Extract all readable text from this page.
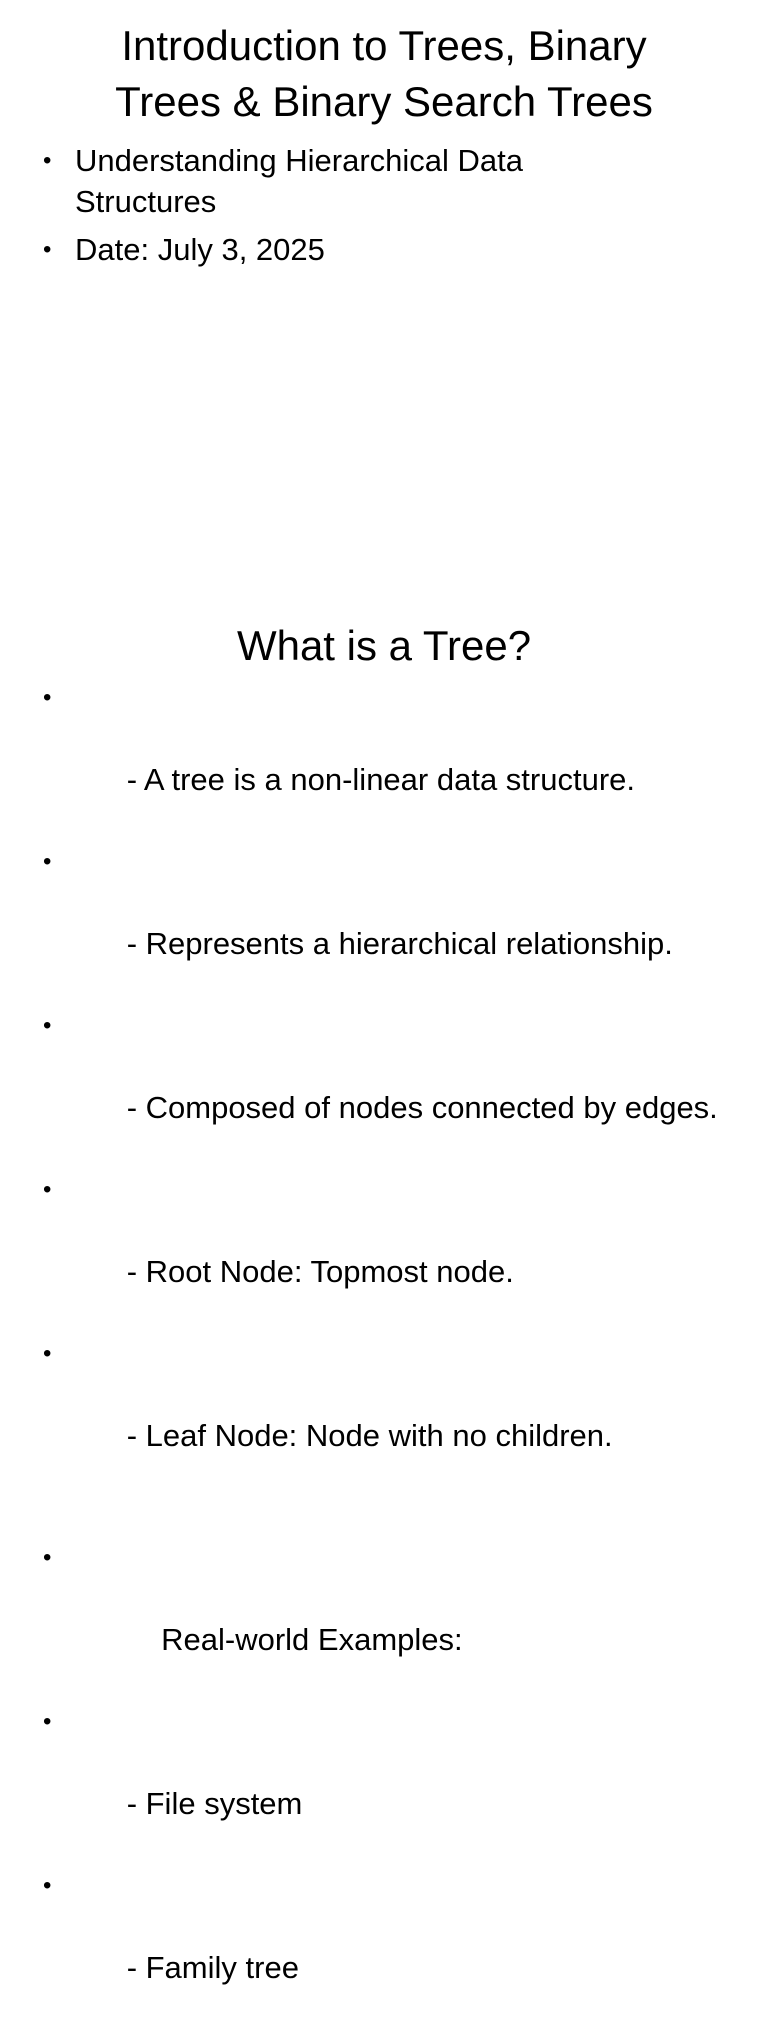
Introduction to Trees, Binary
Trees & Binary Search Trees
• Understanding Hierarchical Data Structures
• Date: July 3, 2025
What is a Tree?

•

- A tree is a non-linear data structure.

•

- Represents a hierarchical relationship.

•

- Composed of nodes connected by edges.

•

- Root Node: Topmost node.

•

- Leaf Node: Node with no children.

•

Real-world Examples:

•

- File system

•

- Family tree
